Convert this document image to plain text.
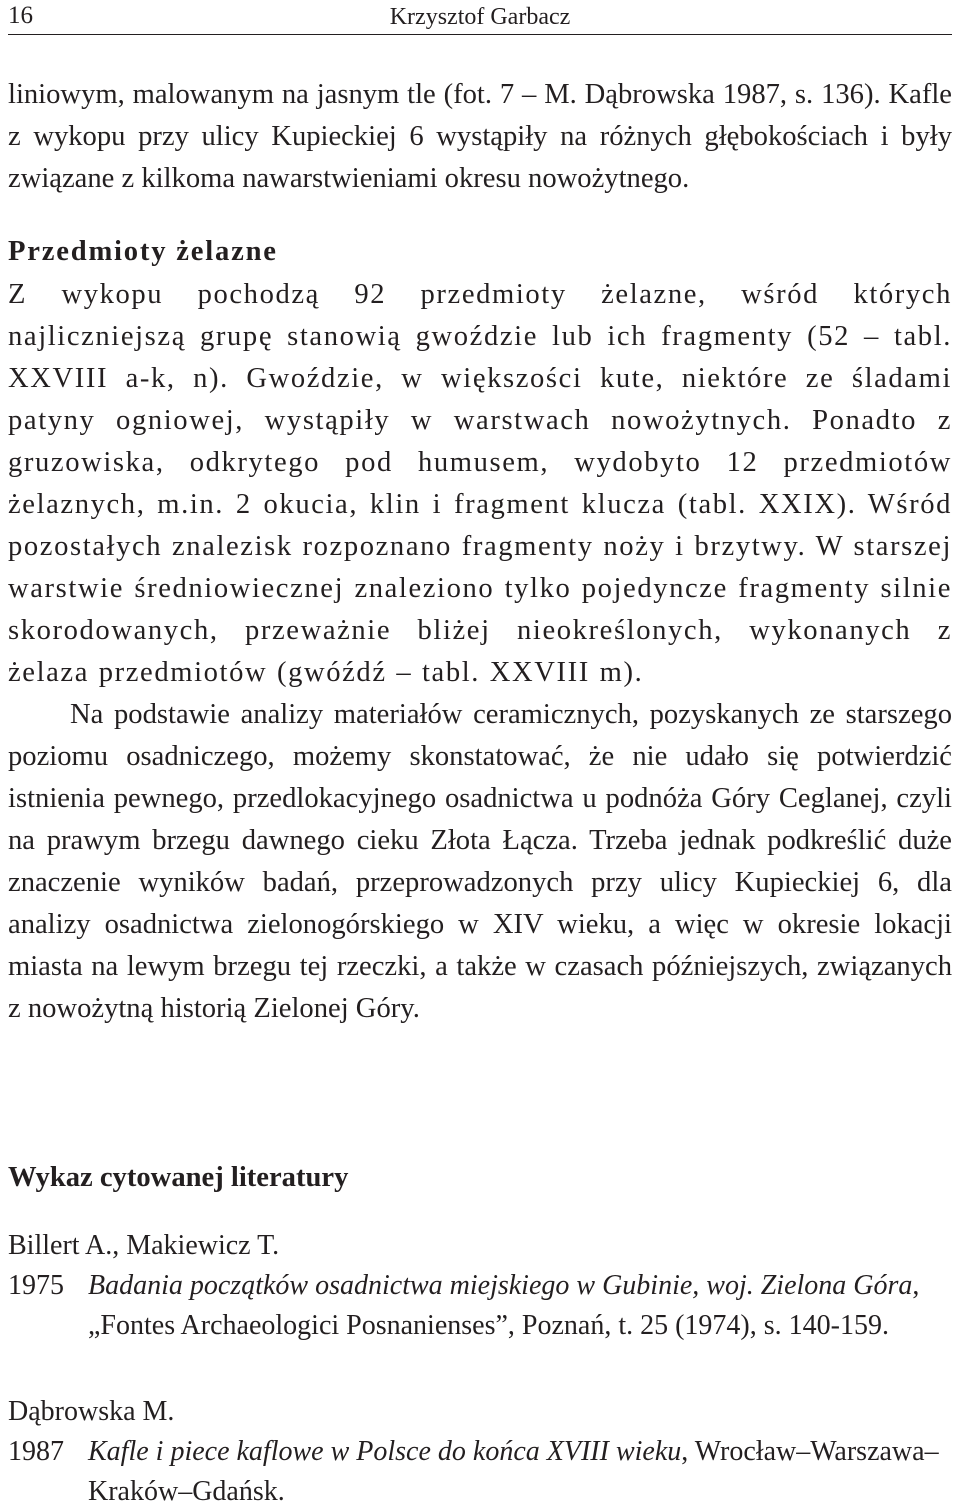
16	Krzysztof Garbacz

liniowym, malowanym na jasnym tle (fot. 7 – M. Dąbrowska 1987, s. 136). Kafle z wykopu przy ulicy Kupieckiej 6 wystąpiły na różnych głębokościach i były związane z kilkoma nawarstwieniami okresu nowożytnego.

Przedmioty żelazne

Z wykopu pochodzą 92 przedmioty żelazne, wśród których najliczniejszą grupę stanowią gwoździe lub ich fragmenty (52 – tabl. XXVIII a-k, n). Gwoździe, w większości kute, niektóre ze śladami patyny ogniowej, wystąpiły w warstwach nowożytnych. Ponadto z gruzowiska, odkrytego pod humusem, wydobyto 12 przedmiotów żelaznych, m.in. 2 okucia, klin i fragment klucza (tabl. XXIX). Wśród pozostałych znalezisk rozpoznano fragmenty noży i brzytwy. W starszej warstwie średniowiecznej znaleziono tylko pojedyncze fragmenty silnie skorodowanych, przeważnie bliżej nieokreślonych, wykonanych z żelaza przedmiotów (gwóźdź – tabl. XXVIII m).

Na podstawie analizy materiałów ceramicznych, pozyskanych ze starszego poziomu osadniczego, możemy skonstatować, że nie udało się potwierdzić istnienia pewnego, przedlokacyjnego osadnictwa u podnóża Góry Ceglanej, czyli na prawym brzegu dawnego cieku Złota Łącza. Trzeba jednak podkreślić duże znaczenie wyników badań, przeprowadzonych przy ulicy Kupieckiej 6, dla analizy osadnictwa zielonogórskiego w XIV wieku, a więc w okresie lokacji miasta na lewym brzegu tej rzeczki, a także w czasach późniejszych, związanych z nowożytną historią Zielonej Góry.

Wykaz cytowanej literatury
Billert A., Makiewicz T.
1975 Badania początków osadnictwa miejskiego w Gubinie, woj. Zielona Góra, „Fontes Archaeologici Posnanienses”, Poznań, t. 25 (1974), s. 140-159.
Dąbrowska M.
1987 Kafle i piece kaflowe w Polsce do końca XVIII wieku, Wrocław–Warszawa–Kraków–Gdańsk.
